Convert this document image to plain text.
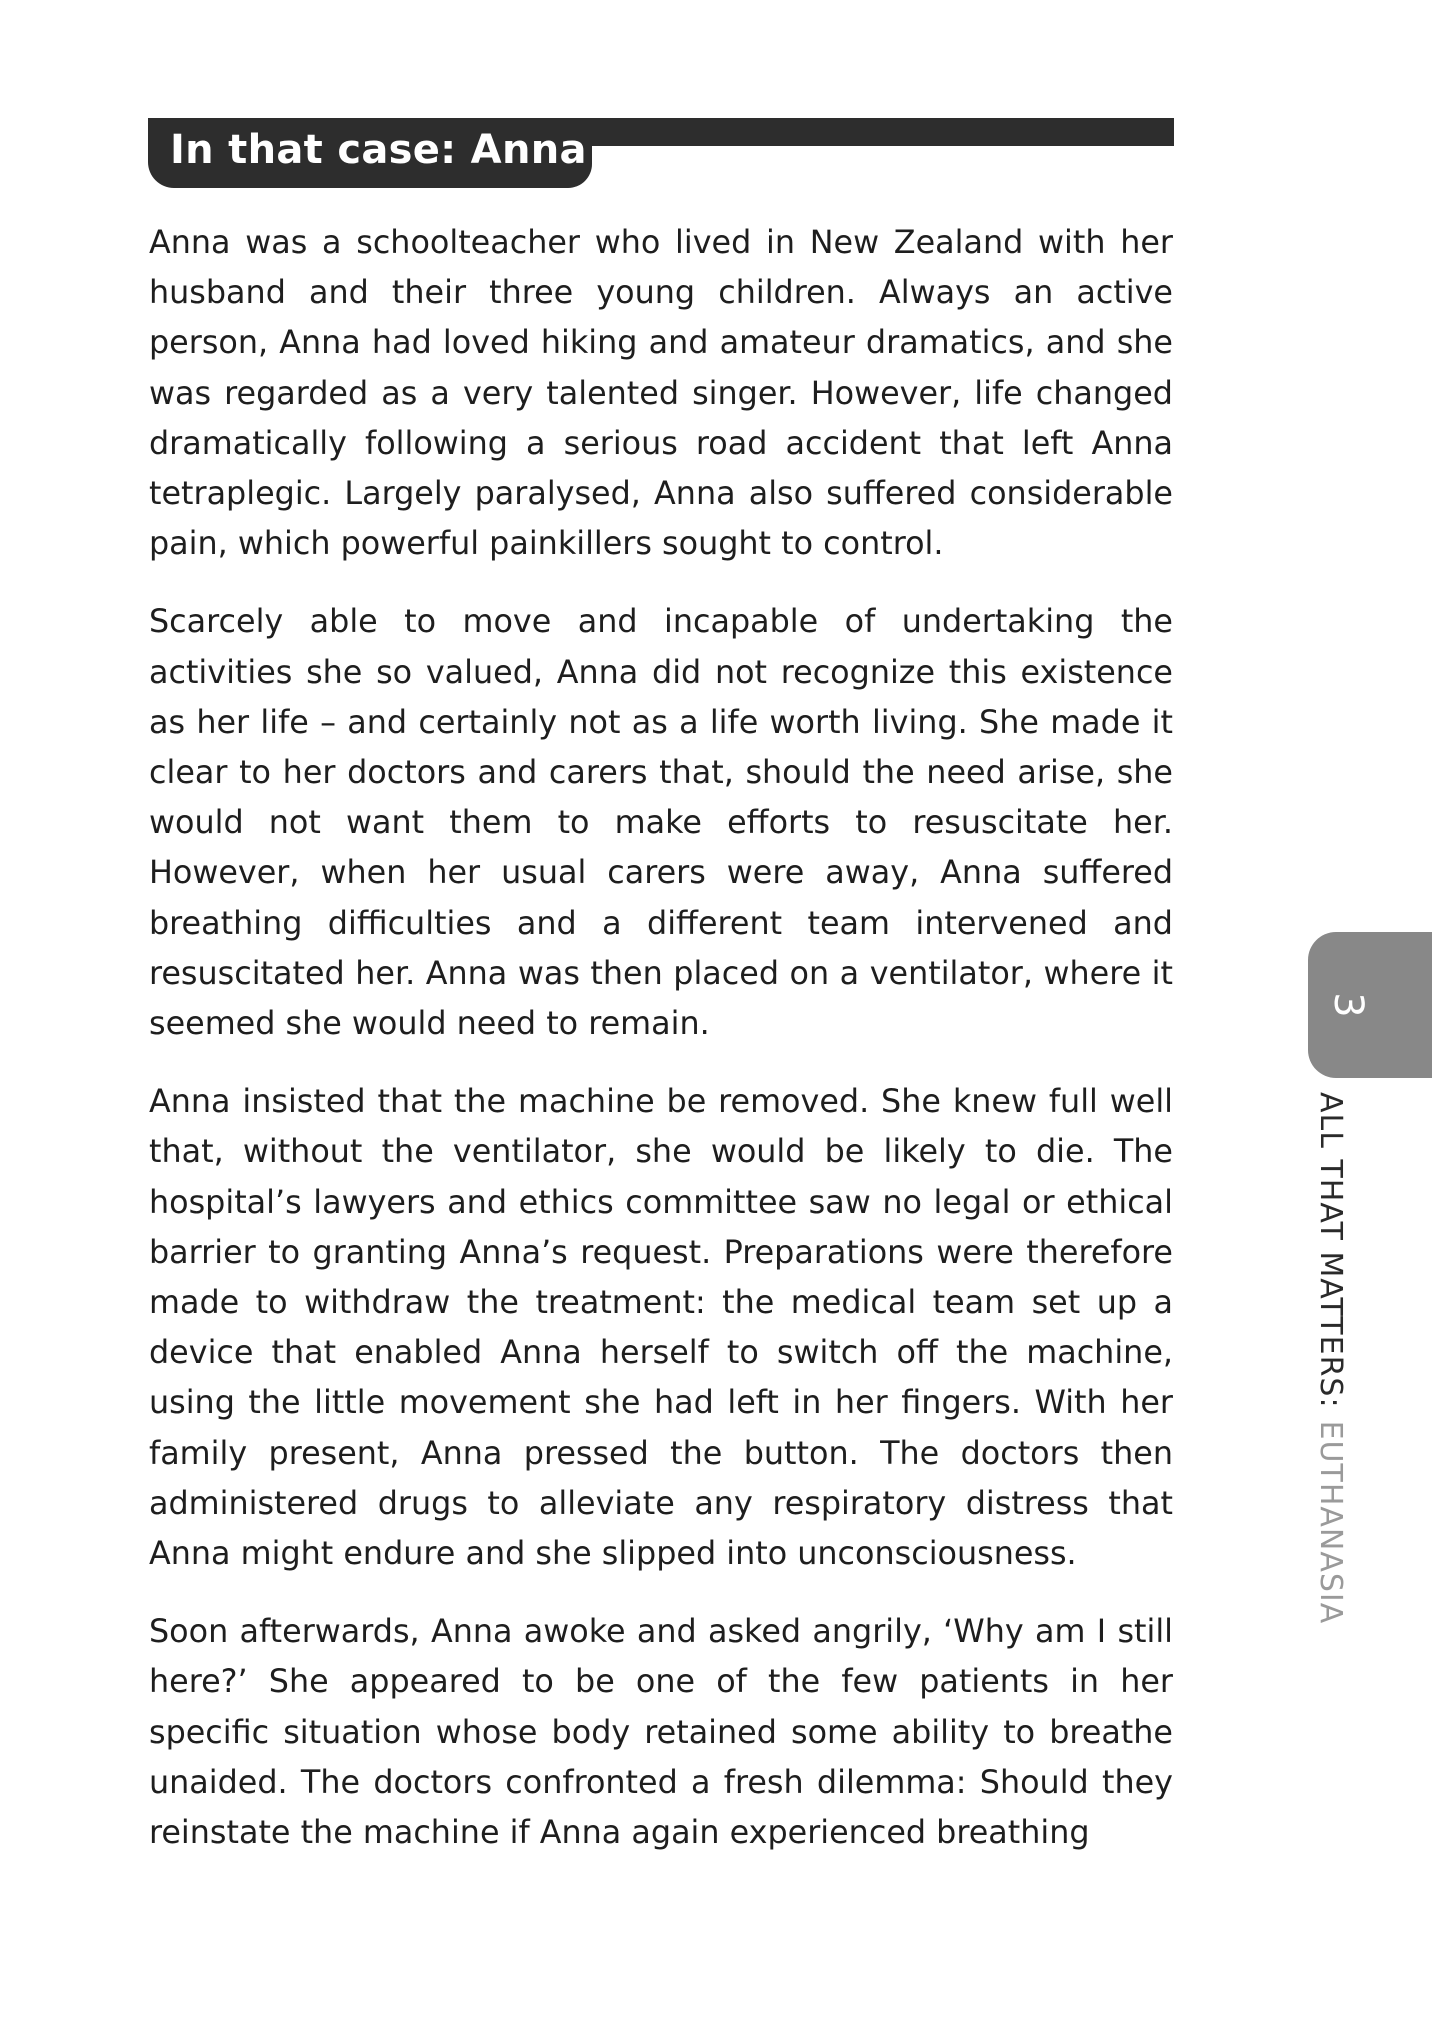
In that case: Anna

Anna was a schoolteacher who lived in New Zealand with her husband and their three young children. Always an active person, Anna had loved hiking and amateur dramatics, and she was regarded as a very talented singer. However, life changed dramatically following a serious road accident that left Anna tetraplegic. Largely paralysed, Anna also suffered considerable pain, which powerful painkillers sought to control.

Scarcely able to move and incapable of undertaking the activities she so valued, Anna did not recognize this existence as her life – and certainly not as a life worth living. She made it clear to her doctors and carers that, should the need arise, she would not want them to make efforts to resuscitate her. However, when her usual carers were away, Anna suffered breathing difficulties and a different team intervened and resuscitated her. Anna was then placed on a ventilator, where it seemed she would need to remain.

Anna insisted that the machine be removed. She knew full well that, without the ventilator, she would be likely to die. The hospital’s lawyers and ethics committee saw no legal or ethical barrier to granting Anna’s request. Preparations were therefore made to withdraw the treatment: the medical team set up a device that enabled Anna herself to switch off the machine, using the little movement she had left in her fingers. With her family present, Anna pressed the button. The doctors then administered drugs to alleviate any respiratory distress that Anna might endure and she slipped into unconsciousness.

Soon afterwards, Anna awoke and asked angrily, ‘Why am I still here?’ She appeared to be one of the few patients in her specific situation whose body retained some ability to breathe unaided. The doctors confronted a fresh dilemma: Should they reinstate the machine if Anna again experienced breathing

3
ALL THAT MATTERS:EUTHANASIA
